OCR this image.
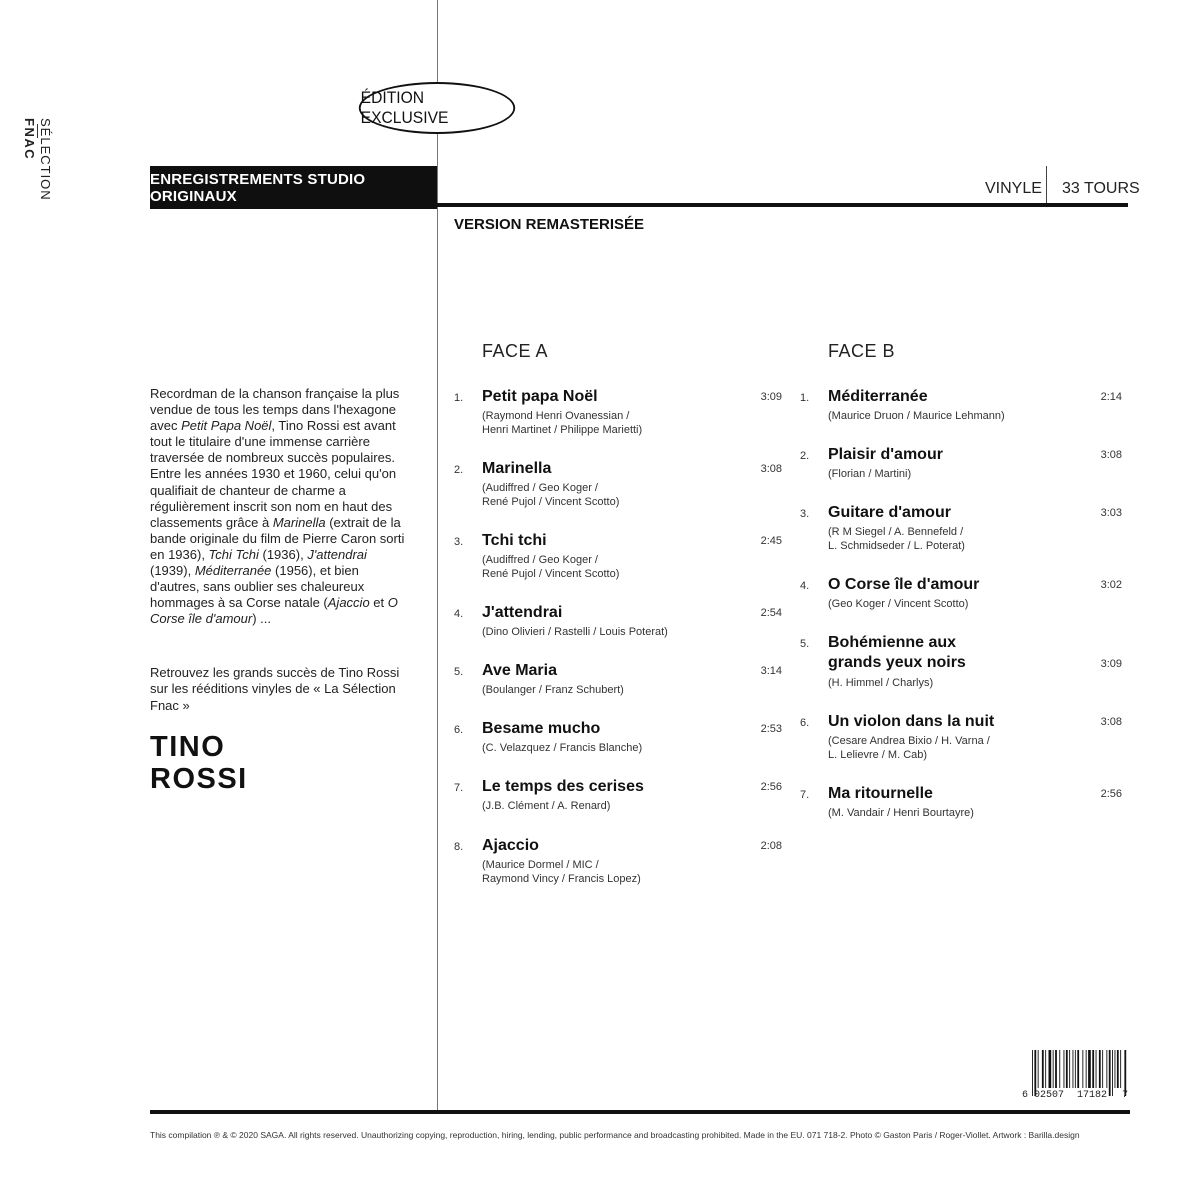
SÉLECTION
FNAC
ÉDITION EXCLUSIVE
ENREGISTREMENTS STUDIO ORIGINAUX	VINYLE 33 TOURS
VERSION REMASTERISÉE
Recordman de la chanson française la plus vendue de tous les temps dans l'hexagone avec Petit Papa Noël, Tino Rossi est avant tout le titulaire d'une immense carrière traversée de nombreux succès populaires. Entre les années 1930 et 1960, celui qu'on qualifiait de chanteur de charme a régulièrement inscrit son nom en haut des classements grâce à Marinella (extrait de la bande originale du film de Pierre Caron sorti en 1936), Tchi Tchi (1936), J'attendrai (1939), Méditerranée (1956), et bien d'autres, sans oublier ses chaleureux hommages à sa Corse natale (Ajaccio et O Corse île d'amour) ...
Retrouvez les grands succès de Tino Rossi sur les rééditions vinyles de « La Sélection Fnac »
TINO
ROSSI
FACE A
1. Petit papa Noël	3:09
(Raymond Henri Ovanessian /
Henri Martinet / Philippe Marietti)
2. Marinella	3:08
(Audiffred / Geo Koger /
René Pujol / Vincent Scotto)
3. Tchi tchi	2:45
(Audiffred / Geo Koger /
René Pujol / Vincent Scotto)
4. J'attendrai	2:54
(Dino Olivieri / Rastelli / Louis Poterat)
5. Ave Maria	3:14
(Boulanger / Franz Schubert)
6. Besame mucho	2:53
(C. Velazquez / Francis Blanche)
7. Le temps des cerises	2:56
(J.B. Clément / A. Renard)
8. Ajaccio	2:08
(Maurice Dormel / MIC /
Raymond Vincy / Francis Lopez)
FACE B
1. Méditerranée	2:14
(Maurice Druon / Maurice Lehmann)
2. Plaisir d'amour	3:08
(Florian / Martini)
3. Guitare d'amour	3:03
(R M Siegel / A. Bennefeld /
L. Schmidseder / L. Poterat)
4. O Corse île d'amour	3:02
(Geo Koger / Vincent Scotto)
5. Bohémienne aux
grands yeux noirs	3:09
(H. Himmel / Charlys)
6. Un violon dans la nuit	3:08
(Cesare Andrea Bixio / H. Varna /
L. Lelievre / M. Cab)
7. Ma ritournelle	2:56
(M. Vandair / Henri Bourtayre)
6 02507 17182 7
This compilation ℗ & © 2020 SAGA. All rights reserved. Unauthorizing copying, reproduction, hiring, lending, public performance and broadcasting prohibited. Made in the EU. 071 718-2. Photo © Gaston Paris / Roger-Viollet. Artwork : Barilla.design
